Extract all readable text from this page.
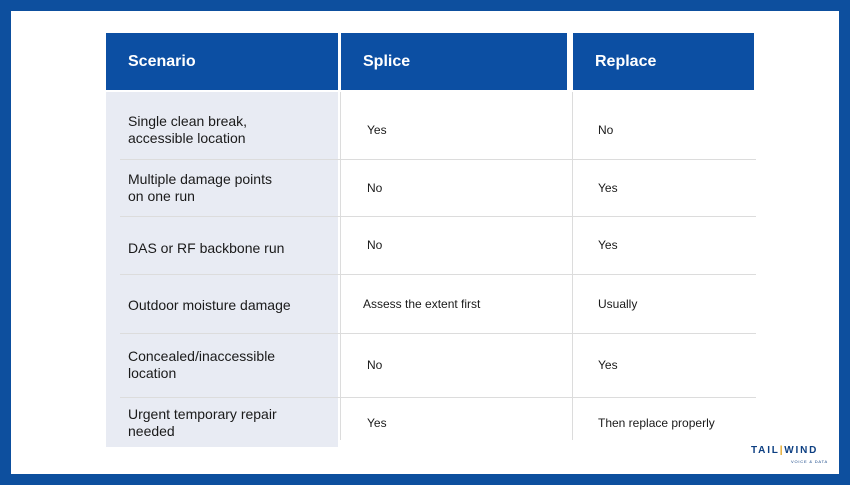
Scenario	Splice	Replace
Single clean break,
accessible location	Yes	No
Multiple damage points
on one run	No	Yes
DAS or RF backbone run	No	Yes
Outdoor moisture damage	Assess the extent first	Usually
Concealed/inaccessible
location	No	Yes
Urgent temporary repair
needed	Yes	Then replace properly
TAIL|WIND
VOICE & DATA
